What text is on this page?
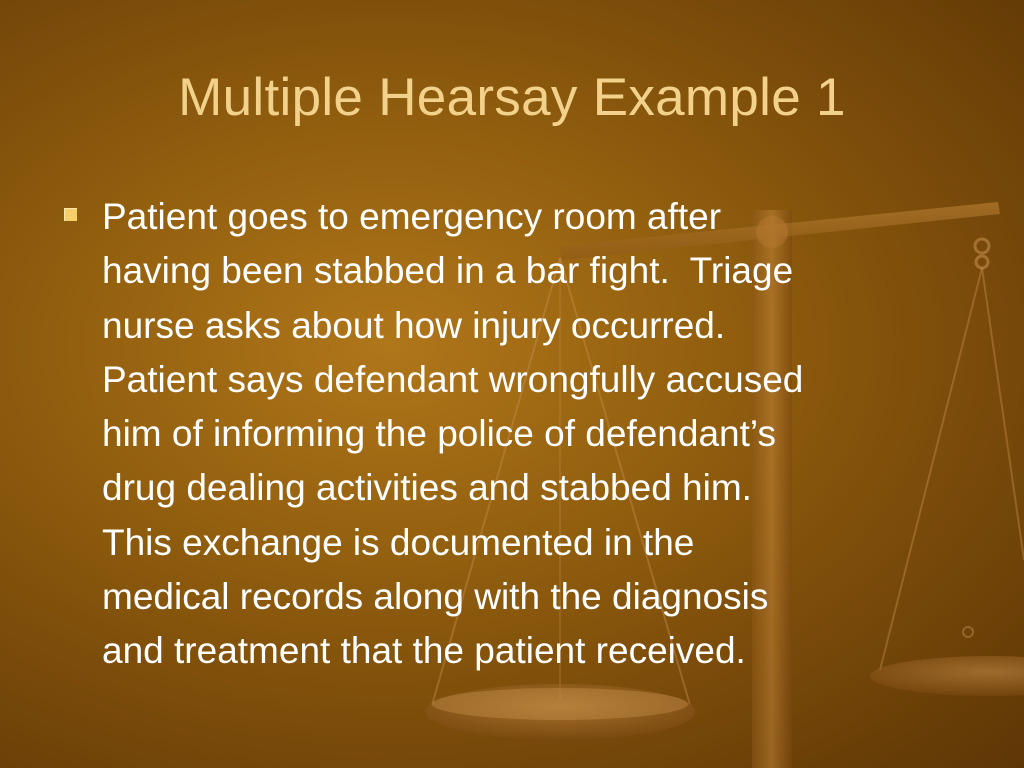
Multiple Hearsay Example 1

Patient goes to emergency room after
having been stabbed in a bar fight.  Triage
nurse asks about how injury occurred.
Patient says defendant wrongfully accused
him of informing the police of defendant’s
drug dealing activities and stabbed him.
This exchange is documented in the
medical records along with the diagnosis
and treatment that the patient received.
